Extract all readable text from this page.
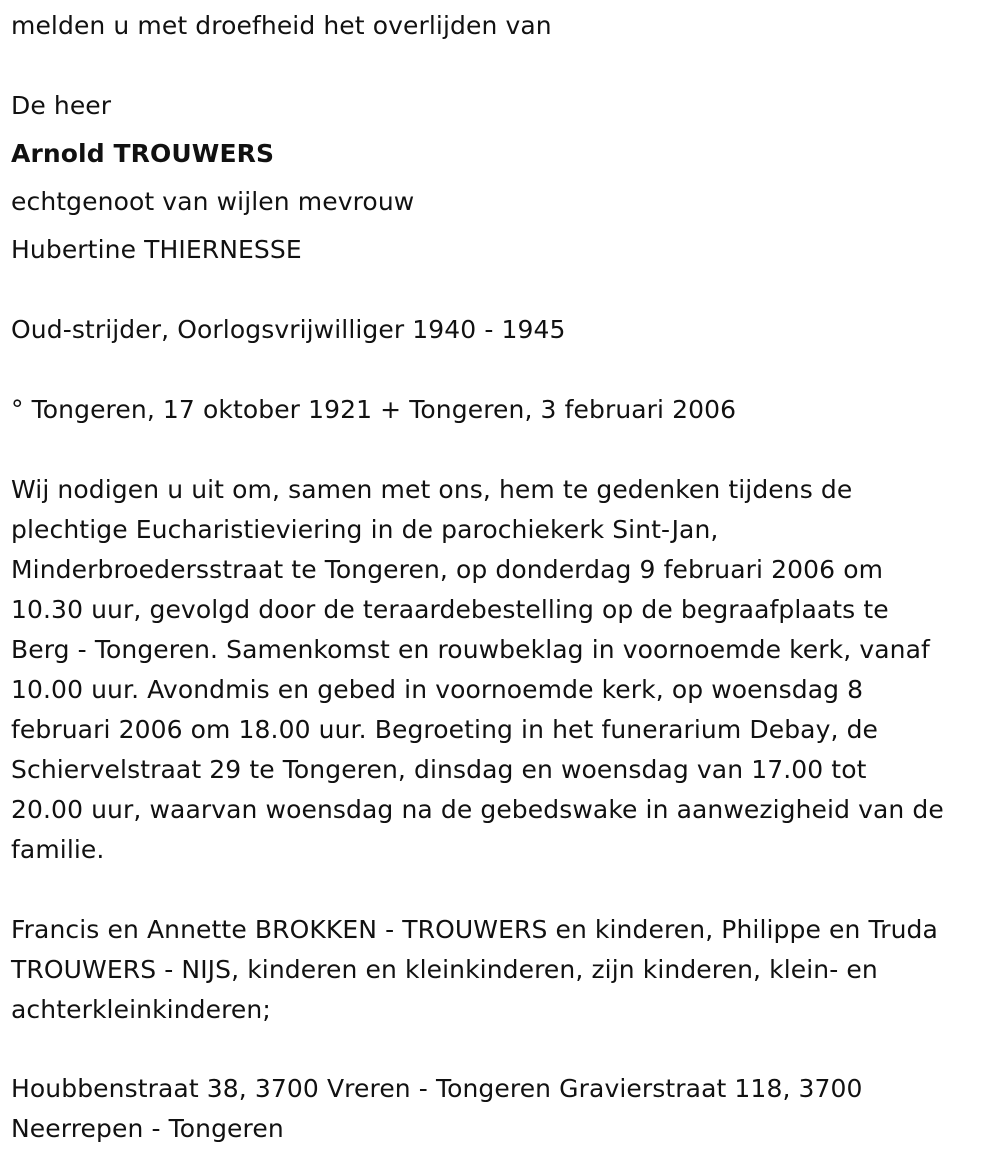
melden u met droefheid het overlijden van
De heer
Arnold TROUWERS
echtgenoot van wijlen mevrouw
Hubertine THIERNESSE
Oud-strijder, Oorlogsvrijwilliger 1940 - 1945
° Tongeren, 17 oktober 1921 + Tongeren, 3 februari 2006
Wij nodigen u uit om, samen met ons, hem te gedenken tijdens de
plechtige Eucharistieviering in de parochiekerk Sint-Jan,
Minderbroedersstraat te Tongeren, op donderdag 9 februari 2006 om
10.30 uur, gevolgd door de teraardebestelling op de begraafplaats te
Berg - Tongeren. Samenkomst en rouwbeklag in voornoemde kerk, vanaf
10.00 uur. Avondmis en gebed in voornoemde kerk, op woensdag 8
februari 2006 om 18.00 uur. Begroeting in het funerarium Debay, de
Schiervelstraat 29 te Tongeren, dinsdag en woensdag van 17.00 tot
20.00 uur, waarvan woensdag na de gebedswake in aanwezigheid van de
familie.
Francis en Annette BROKKEN - TROUWERS en kinderen, Philippe en Truda
TROUWERS - NIJS, kinderen en kleinkinderen, zijn kinderen, klein- en
achterkleinkinderen;
Houbbenstraat 38, 3700 Vreren - Tongeren Gravierstraat 118, 3700
Neerrepen - Tongeren
